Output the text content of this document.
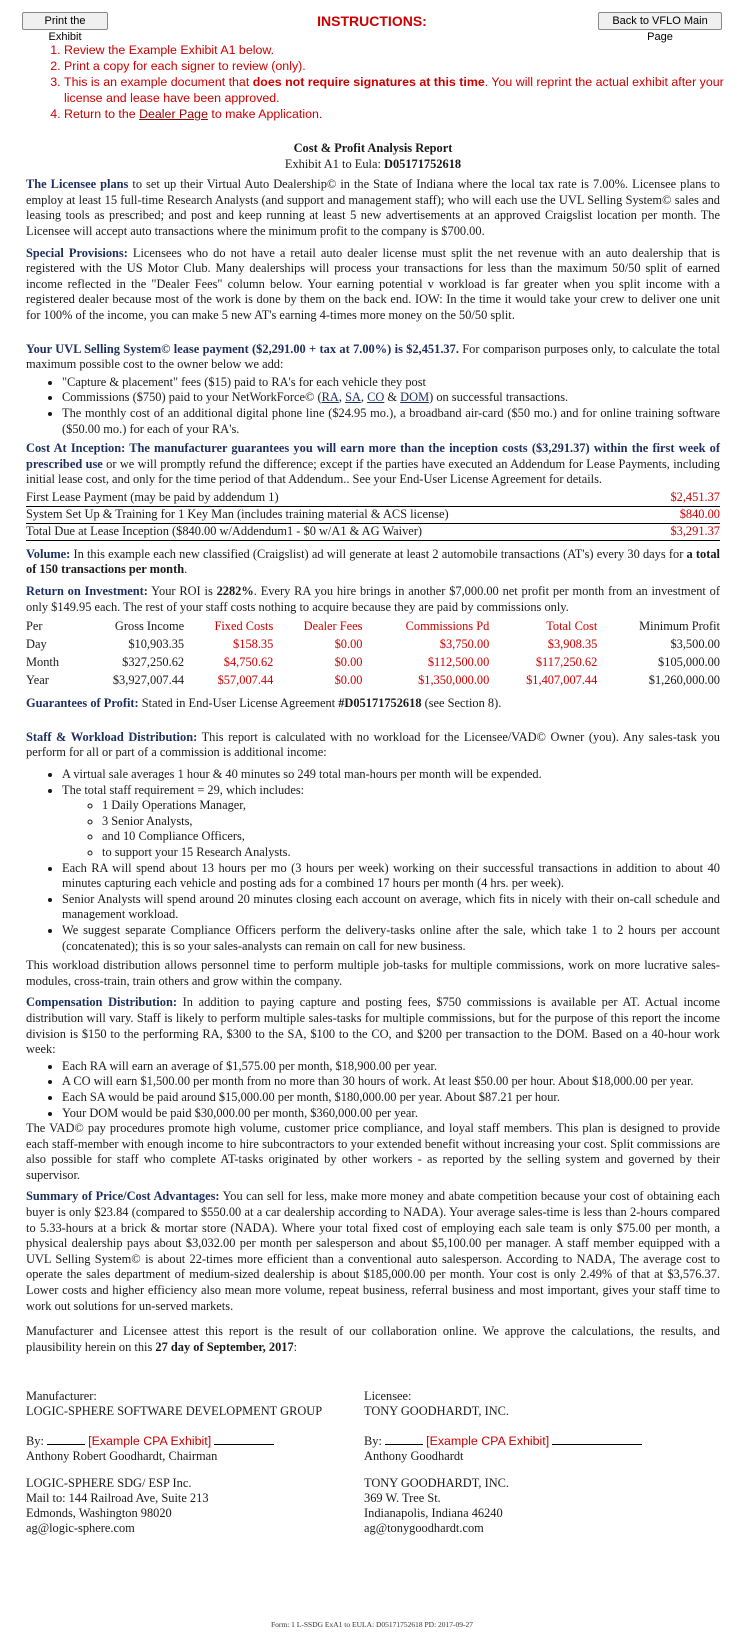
Print the Exhibit
INSTRUCTIONS:	Back to VFLO Main Page
1. Review the Example Exhibit A1 below.
2. Print a copy for each signer to review (only).
3. This is an example document that does not require signatures at this time. You will reprint the actual exhibit after your license and lease have been approved.
4. Return to the Dealer Page to make Application.

Cost & Profit Analysis Report

Exhibit A1 to Eula: D05171752618

The Licensee plans to set up their Virtual Auto Dealership© in the State of Indiana where the local tax rate is 7.00%. Licensee plans to employ at least 15 full-time Research Analysts (and support and management staff); who will each use the UVL Selling System© sales and leasing tools as prescribed; and post and keep running at least 5 new advertisements at an approved Craigslist location per month. The Licensee will accept auto transactions where the minimum profit to the company is $700.00.

Special Provisions: Licensees who do not have a retail auto dealer license must split the net revenue with an auto dealership that is registered with the US Motor Club. Many dealerships will process your transactions for less than the maximum 50/50 split of earned income reflected in the "Dealer Fees" column below. Your earning potential v workload is far greater when you split income with a registered dealer because most of the work is done by them on the back end. IOW: In the time it would take your crew to deliver one unit for 100% of the income, you can make 5 new AT's earning 4-times more money on the 50/50 split.

Your UVL Selling System© lease payment ($2,291.00 + tax at 7.00%) is $2,451.37. For comparison purposes only, to calculate the total maximum possible cost to the owner below we add:

• "Capture & placement" fees ($15) paid to RA's for each vehicle they post
• Commissions ($750) paid to your NetWorkForce© (RA, SA, CO & DOM) on successful transactions.
• The monthly cost of an additional digital phone line ($24.95 mo.), a broadband air-card ($50 mo.) and for online training software ($50.00 mo.) for each of your RA's.

Cost At Inception: The manufacturer guarantees you will earn more than the inception costs ($3,291.37) within the first week of prescribed use or we will promptly refund the difference; except if the parties have executed an Addendum for Lease Payments, including initial lease cost, and only for the time period of that Addendum.. See your End-User License Agreement for details.

First Lease Payment (may be paid by addendum 1)	$2,451.37
System Set Up & Training for 1 Key Man (includes training material & ACS license)	$840.00
Total Due at Lease Inception ($840.00 w/Addendum1 - $0 w/A1 & AG Waiver)	$3,291.37

Volume: In this example each new classified (Craigslist) ad will generate at least 2 automobile transactions (AT's) every 30 days for a total of 150 transactions per month.

Return on Investment: Your ROI is 2282%. Every RA you hire brings in another $7,000.00 net profit per month from an investment of only $149.95 each. The rest of your staff costs nothing to acquire because they are paid by commissions only.

Per	Gross Income	Fixed Costs	Dealer Fees	Commissions Pd	Total Cost	Minimum Profit
Day	$10,903.35	$158.35	$0.00	$3,750.00	$3,908.35	$3,500.00
Month	$327,250.62	$4,750.62	$0.00	$112,500.00	$117,250.62	$105,000.00
Year	$3,927,007.44	$57,007.44	$0.00	$1,350,000.00	$1,407,007.44	$1,260,000.00

Guarantees of Profit: Stated in End-User License Agreement #D05171752618 (see Section 8).

Staff & Workload Distribution: This report is calculated with no workload for the Licensee/VAD© Owner (you). Any sales-task you perform for all or part of a commission is additional income:

• A virtual sale averages 1 hour & 40 minutes so 249 total man-hours per month will be expended.
• The total staff requirement = 29, which includes:
◦ 1 Daily Operations Manager,
◦ 3 Senior Analysts,
◦ and 10 Compliance Officers,
◦ to support your 15 Research Analysts.
• Each RA will spend about 13 hours per mo (3 hours per week) working on their successful transactions in addition to about 40 minutes capturing each vehicle and posting ads for a combined 17 hours per month (4 hrs. per week).
• Senior Analysts will spend around 20 minutes closing each account on average, which fits in nicely with their on-call schedule and management workload.
• We suggest separate Compliance Officers perform the delivery-tasks online after the sale, which take 1 to 2 hours per account (concatenated); this is so your sales-analysts can remain on call for new business.

This workload distribution allows personnel time to perform multiple job-tasks for multiple commissions, work on more lucrative sales-modules, cross-train, train others and grow within the company.

Compensation Distribution: In addition to paying capture and posting fees, $750 commissions is available per AT. Actual income distribution will vary. Staff is likely to perform multiple sales-tasks for multiple commissions, but for the purpose of this report the income division is $150 to the performing RA, $300 to the SA, $100 to the CO, and $200 per transaction to the DOM. Based on a 40-hour work week:

• Each RA will earn an average of $1,575.00 per month, $18,900.00 per year.
• A CO will earn $1,500.00 per month from no more than 30 hours of work. At least $50.00 per hour. About $18,000.00 per year.
• Each SA would be paid around $15,000.00 per month, $180,000.00 per year. About $87.21 per hour.
• Your DOM would be paid $30,000.00 per month, $360,000.00 per year.

The VAD© pay procedures promote high volume, customer price compliance, and loyal staff members. This plan is designed to provide each staff-member with enough income to hire subcontractors to your extended benefit without increasing your cost. Split commissions are also possible for staff who complete AT-tasks originated by other workers - as reported by the selling system and governed by their supervisor.

Summary of Price/Cost Advantages: You can sell for less, make more money and abate competition because your cost of obtaining each buyer is only $23.84 (compared to $550.00 at a car dealership according to NADA). Your average sales-time is less than 2-hours compared to 5.33-hours at a brick & mortar store (NADA). Where your total fixed cost of employing each sale team is only $75.00 per month, a physical dealership pays about $3,032.00 per month per salesperson and about $5,100.00 per manager. A staff member equipped with a UVL Selling System© is about 22-times more efficient than a conventional auto salesperson. According to NADA, The average cost to operate the sales department of medium-sized dealership is about $185,000.00 per month. Your cost is only 2.49% of that at $3,576.37. Lower costs and higher efficiency also mean more volume, repeat business, referral business and most important, gives your staff time to work out solutions for un-served markets.

Manufacturer and Licensee attest this report is the result of our collaboration online. We approve the calculations, the results, and plausibility herein on this 27 day of September, 2017:

Manufacturer:
LOGIC-SPHERE SOFTWARE DEVELOPMENT GROUP
By:	[Example CPA Exhibit]
Anthony Robert Goodhardt, Chairman
LOGIC-SPHERE SDG/ ESP Inc.
Mail to: 144 Railroad Ave, Suite 213
Edmonds, Washington 98020
ag@logic-sphere.com
Licensee:
TONY GOODHARDT, INC.
By:	[Example CPA Exhibit]
Anthony Goodhardt
TONY GOODHARDT, INC.
369 W. Tree St.
Indianapolis, Indiana 46240
ag@tonygoodhardt.com
Form: 1 L-SSDG ExA1 to EULA: D05171752618 PD: 2017-09-27
